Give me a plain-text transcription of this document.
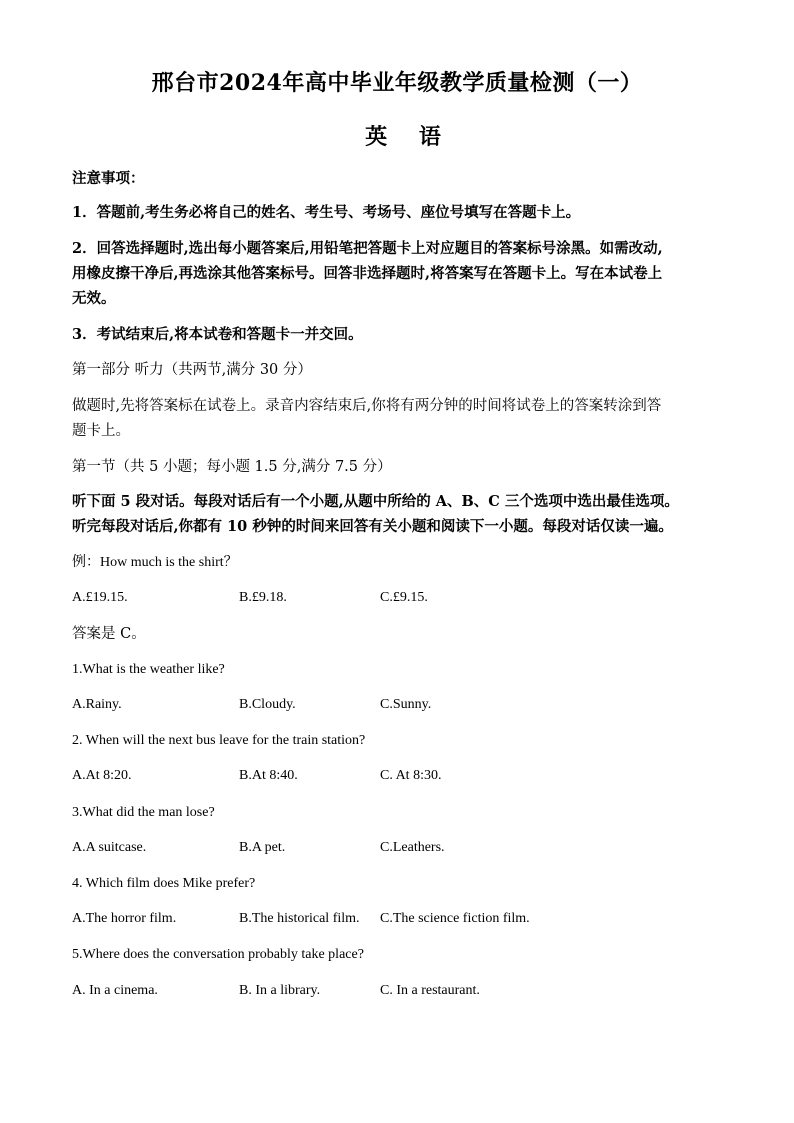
邢台市2024年高中毕业年级教学质量检测（一）
英 语
注意事项：
1．答题前,考生务必将自己的姓名、考生号、考场号、座位号填写在答题卡上。
2．回答选择题时,选出每小题答案后,用铅笔把答题卡上对应题目的答案标号涂黑。如需改动,
用橡皮擦干净后,再选涂其他答案标号。回答非选择题时,将答案写在答题卡上。写在本试卷上
无效。
3．考试结束后,将本试卷和答题卡一并交回。
第一部分 听力（共两节,满分 30 分）
做题时,先将答案标在试卷上。录音内容结束后,你将有两分钟的时间将试卷上的答案转涂到答
题卡上。
第一节（共 5 小题；每小题 1.5 分,满分 7.5 分）
听下面 5 段对话。每段对话后有一个小题,从题中所给的 A、B、C 三个选项中选出最佳选项。
听完每段对话后,你都有 10 秒钟的时间来回答有关小题和阅读下一小题。每段对话仅读一遍。
例：How much is the shirt？
A.£19.15.	B.£9.18.	C.£9.15.
答案是 C。
1.What is the weather like?
A.Rainy.	B.Cloudy.	C.Sunny.
2. When will the next bus leave for the train station?
A.At 8:20.	B.At 8:40.	C. At 8:30.
3.What did the man lose?
A.A suitcase.	B.A pet.	C.Leathers.
4. Which film does Mike prefer?
A.The horror film.	B.The historical film. C.The science fiction film.
5.Where does the conversation probably take place?
A. In a cinema.	B. In a library.	C. In a restaurant.
